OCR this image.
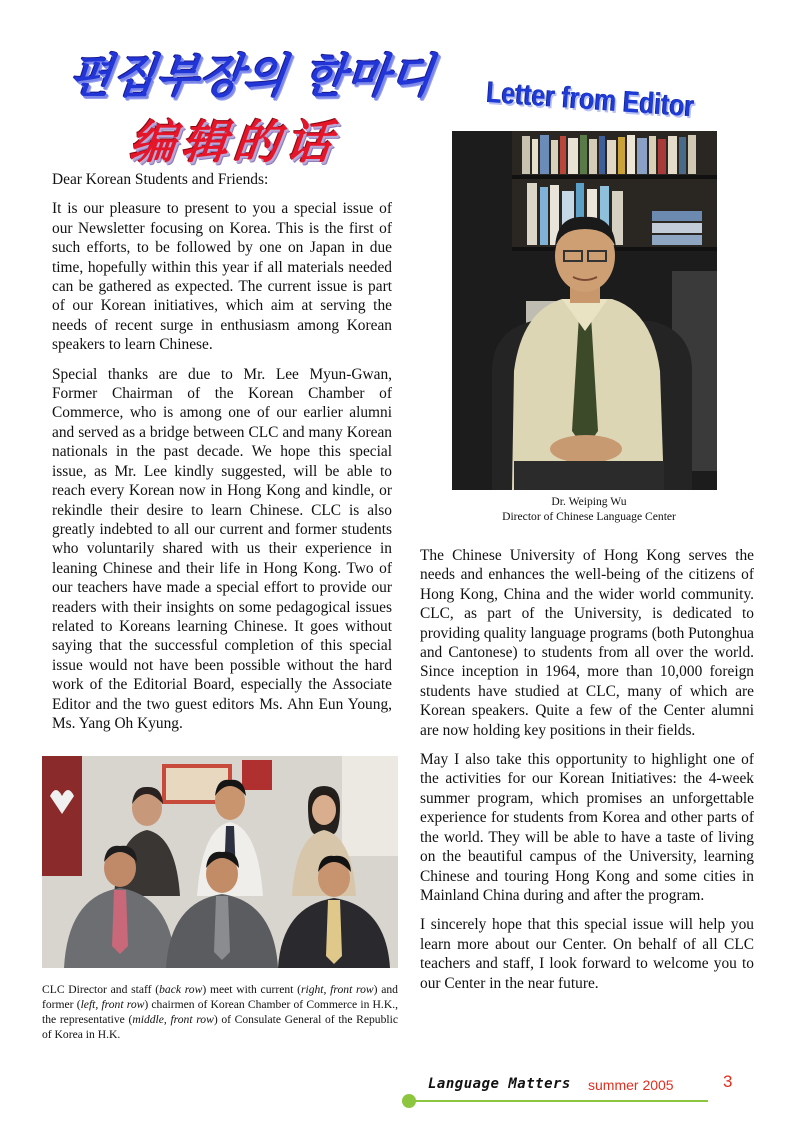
편집부장의 한마디
编辑的话
Letter from Editor

Dear Korean Students and Friends:

It is our pleasure to present to you a special issue of our Newsletter focusing on Korea. This is the first of such efforts, to be followed by one on Japan in due time, hopefully within this year if all materials needed can be gathered as expected. The current issue is part of our Korean initiatives, which aim at serving the needs of recent surge in enthusiasm among Korean speakers to learn Chinese.

Special thanks are due to Mr. Lee Myun-Gwan, Former Chairman of the Korean Chamber of Commerce, who is among one of our earlier alumni and served as a bridge between CLC and many Korean nationals in the past decade. We hope this special issue, as Mr. Lee kindly suggested, will be able to reach every Korean now in Hong Kong and kindle, or rekindle their desire to learn Chinese. CLC is also greatly indebted to all our current and former students who voluntarily shared with us their experience in leaning Chinese and their life in Hong Kong. Two of our teachers have made a special effort to provide our readers with their insights on some pedagogical issues related to Koreans learning Chinese. It goes without saying that the successful completion of this special issue would not have been possible without the hard work of the Editorial Board, especially the Associate Editor and the two guest editors Ms. Ahn Eun Young, Ms. Yang Oh Kyung.

Dr. Weiping Wu
Director of Chinese Language Center

The Chinese University of Hong Kong serves the needs and enhances the well-being of the citizens of Hong Kong, China and the wider world community. CLC, as part of the University, is dedicated to providing quality language programs (both Putonghua and Cantonese) to students from all over the world. Since inception in 1964, more than 10,000 foreign students have studied at CLC, many of which are Korean speakers. Quite a few of the Center alumni are now holding key positions in their fields.

May I also take this opportunity to highlight one of the activities for our Korean Initiatives: the 4-week summer program, which promises an unforgettable experience for students from Korea and other parts of the world. They will be able to have a taste of living on the beautiful campus of the University, learning Chinese and touring Hong Kong and some cities in Mainland China during and after the program.

I sincerely hope that this special issue will help you learn more about our Center. On behalf of all CLC teachers and staff, I look forward to welcome you to our Center in the near future.

CLC Director and staff (back row) meet with current (right, front row) and former (left, front row) chairmen of Korean Chamber of Commerce in H.K., the representative (middle, front row) of Consulate General of the Republic of Korea in H.K.
Language Matters summer 2005	3
